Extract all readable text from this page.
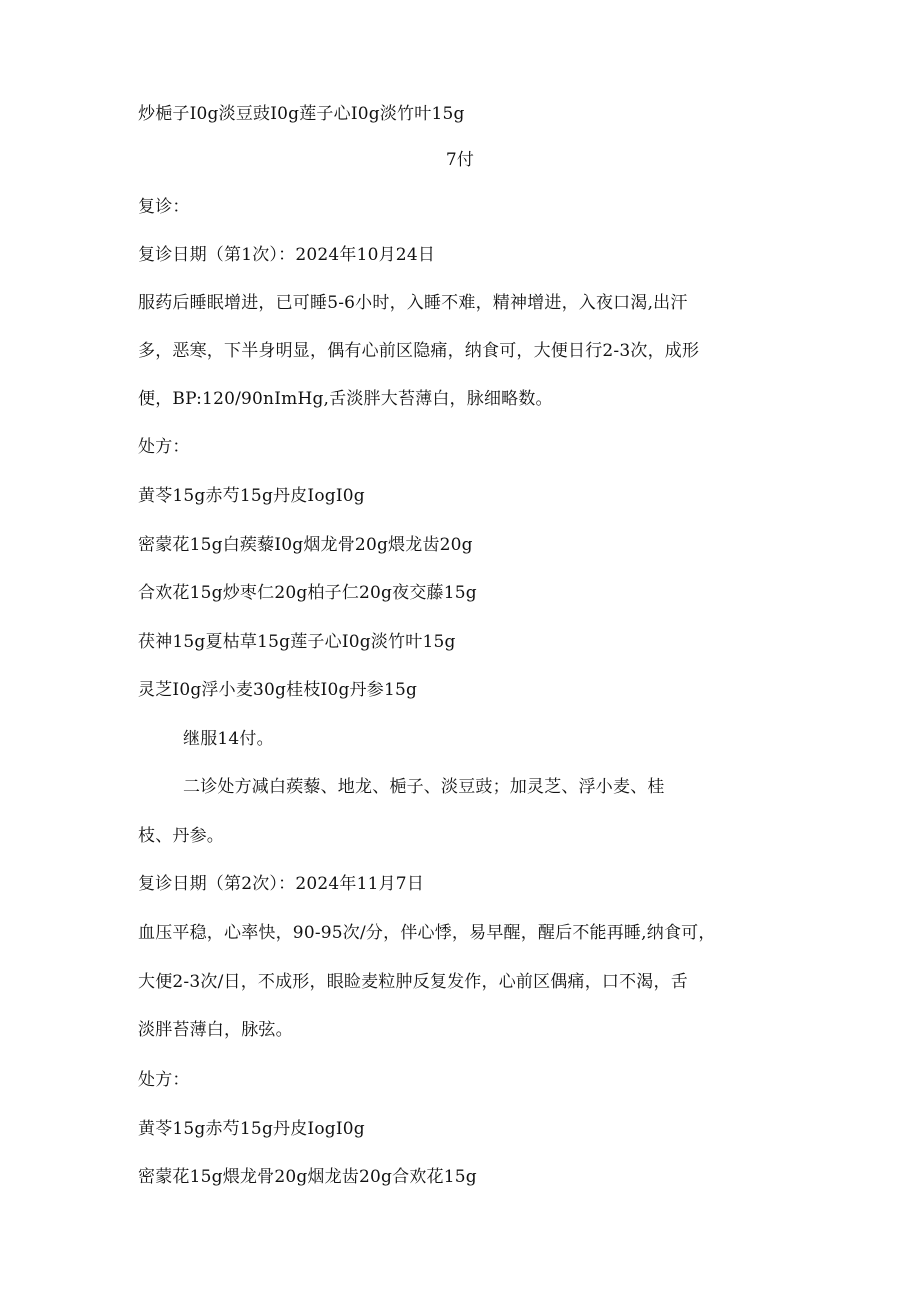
炒梔子I0g淡豆豉I0g莲子心I0g淡竹叶15g
7付
复诊：
复诊日期（第1次）：2024年10月24日
服药后睡眠增进，已可睡5-6小时，入睡不难，精神增进，入夜口渴,出汗
多，恶寒，下半身明显，偶有心前区隐痛，纳食可，大便日行2-3次，成形
便，BP:120/90nImHg,舌淡胖大苔薄白，脉细略数。
处方：
黄苓15g赤芍15g丹皮IogI0g
密蒙花15g白蒺藜I0g烟龙骨20g煨龙齿20g
合欢花15g炒枣仁20g柏子仁20g夜交藤15g
茯神15g夏枯草15g莲子心I0g淡竹叶15g
灵芝I0g浮小麦30g桂枝I0g丹参15g
继服14付。
二诊处方减白蒺藜、地龙、梔子、淡豆豉；加灵芝、浮小麦、桂
枝、丹参。
复诊日期（第2次）：2024年11月7日
血压平稳，心率快，90-95次/分，伴心悸，易早醒，醒后不能再睡,纳食可，
大便2-3次/日，不成形，眼睑麦粒肿反复发作，心前区偶痛，口不渴，舌
淡胖苔薄白，脉弦。
处方：
黄苓15g赤芍15g丹皮IogI0g
密蒙花15g煨龙骨20g烟龙齿20g合欢花15g
